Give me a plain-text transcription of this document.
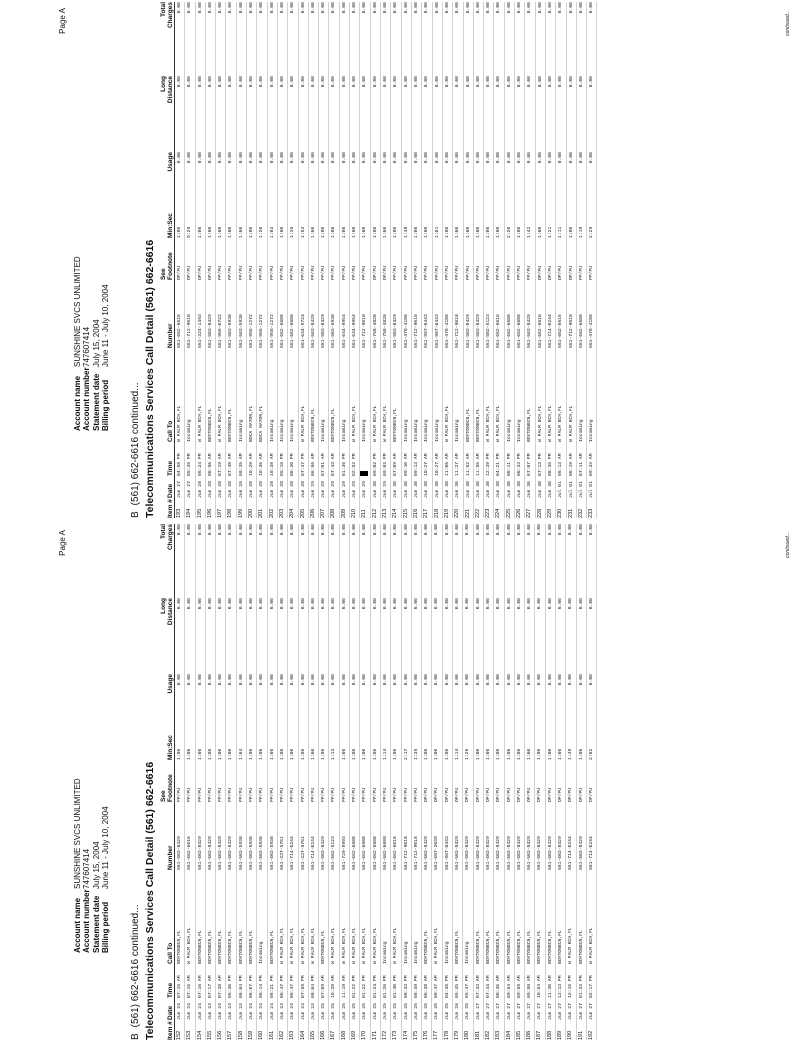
Page A
Account nameSUNSHINE SVCS UNLIMITED
Account number747607414
Statement dateJuly 15, 2004
Billing periodJune 11 - July 10, 2004
B(561) 662-6616 continued... Telecommunications Services Call Detail (561) 662-6616
					See			Long	Total
Item #	Date	Time	Call To	Number	Footnote	Min:Sec	Usage	Distance	Charges
152	Jun 24	07:15 AM	BOYTONBCN,FL	561-503-8429	PP/PU	1:00	0.00	0.00	0.00
153	Jun 24	07:16 AM	W PALM BCH,FL	561-662-6616	PP/PU	1:00	0.00	0.00	0.00
154	Jun 24	07:16 AM	BOYTONBCN,FL	561-503-8429	PP/PU	1:00	0.00	0.00	0.00
155	Jun 24	07:17 AM	BOYTONBCN,FL	561-503-8429	PP/PU	1:00	0.00	0.00	0.00
156	Jun 24	07:38 AM	BOYTONBCN,FL	561-503-8429	PP/PU	1:00	0.00	0.00	0.00
157	Jun 24	05:36 PM	BOYTONBCN,FL	561-503-8429	PP/PU	1:00	0.00	0.00	0.00
158	Jun 24	06:04 PM	BOYTONBCN,FL	561-503-5930	PP/PU	1:04	0.00	0.00	0.00
159	Jun 24	06:07 PM	BOYTONBCN,FL	561-503-5930	PP/PU	1:00	0.00	0.00	0.00
160	Jun 24	06:14 PM	Incoming	561-503-5930	PP/PU	1:00	0.00	0.00	0.00
161	Jun 24	06:21 PM	BOYTONBCN,FL	561-503-5930	PP/PU	1:00	0.00	0.00	0.00
162	Jun 24	06:47 PM	W PALM BCH,FL	561-337-5751	PP/PU	1:00	0.00	0.00	0.00
163	Jun 24	06:47 PM	W PALM BCH,FL	561-714-0244	PP/PU	1:00	0.00	0.00	0.00
164	Jun 24	07:59 PM	W PALM BCH,FL	561-337-5751	PP/PU	1:00	0.00	0.00	0.00
165	Jun 24	08:04 PM	W PALM BCH,FL	561-714-0244	PP/PU	1:00	0.00	0.00	0.00
166	Jun 25	07:09 AM	BOYTONBCN,FL	561-503-8429	PP/PU	1:00	0.00	0.00	0.00
167	Jun 25	10:28 AM	W PALM BCH,FL	561-562-5123	PP/PU	1:13	0.00	0.00	0.00
168	Jun 25	11:19 AM	W PALM BCH,FL	561-729-9993	PP/PU	1:00	0.00	0.00	0.00
169	Jun 25	01:22 PM	W PALM BCH,FL	561-662-6688	PP/PU	1:00	0.00	0.00	0.00
170	Jun 25	01:22 PM	W PALM BCH,FL	561-662-6688	PP/PU	1:00	0.00	0.00	0.00
171	Jun 25	01:24 PM	W PALM BCH,FL	561-662-6688	PP/PU	1:00	0.00	0.00	0.00
172	Jun 25	01:26 PM	Incoming	561-662-6688	PP/PU	1:14	0.00	0.00	0.00
173	Jun 25	01:40 PM	W PALM BCH,FL	561-662-6616	PP/PU	1:00	0.00	0.00	0.00
174	Jun 25	08:43 PM	Incoming	561-712-9018	PP/PU	2:17	0.00	0.00	0.00
175	Jun 25	08:49 PM	Incoming	561-712-9018	PP/PU	1:35	0.00	0.00	0.00
176	Jun 26	06:38 AM	BOYTONBCN,FL	561-503-8429	OP/PU	1:00	0.00	0.00	0.00
177	Jun 26	08:47 AM	W PALM BCH,FL	561-687-2039	OP/PU	1:00	0.00	0.00	0.00
178	Jun 26	04:36 PM	Incoming	561-967-0443	OP/PU	1:00	0.00	0.00	0.00
179	Jun 26	05:45 PM	BOYTONBCN,FL	561-503-8429	OP/PU	1:14	0.00	0.00	0.00
180	Jun 26	05:47 PM	Incoming	561-503-8429	OP/PU	1:26	0.00	0.00	0.00
181	Jun 27	07:43 AM	BOYTONBCN,FL	561-503-8429	OP/PU	1:00	0.00	0.00	0.00
182	Jun 27	07:44 AM	BOYTONBCN,FL	561-503-8429	OP/PU	1:00	0.00	0.00	0.00
183	Jun 27	08:45 AM	BOYTONBCN,FL	561-503-8429	OP/PU	1:00	0.00	0.00	0.00
184	Jun 27	09:54 AM	BOYTONBCN,FL	561-503-8429	OP/PU	1:00	0.00	0.00	0.00
185	Jun 27	09:59 AM	BOYTONBCN,FL	561-503-8429	OP/PU	1:00	0.00	0.00	0.00
186	Jun 27	09:58 AM	BOYTONBCN,FL	561-503-8429	OP/PU	1:00	0.00	0.00	0.00
187	Jun 27	10:54 AM	BOYTONBCN,FL	561-503-8429	OP/PU	1:00	0.00	0.00	0.00
188	Jun 27	11:20 AM	BOYTONBCN,FL	561-503-8429	OP/PU	1:00	0.00	0.00	0.00
189	Jun 27	12:13 PM	BOYTONBCN,FL	561-503-8429	OP/PU	1:00	0.00	0.00	0.00
190	Jun 27	12:15 PM	W PALM BCH,FL	561-714-0244	OP/PU	1:49	0.00	0.00	0.00
191	Jun 27	01:33 PM	BOYTONBCN,FL	561-503-8429	OP/PU	1:00	0.00	0.00	0.00
192	Jun 27	02:17 PM	W PALM BCH,FL	561-714-0244	OP/PU	2:02	0.00	0.00	0.00
continued...
Page A
Account nameSUNSHINE SVCS UNLIMITED
Account number747607414
Statement dateJuly 15, 2004
Billing periodJune 11 - July 10, 2004
B(561) 662-6616 continued... Telecommunications Services Call Detail (561) 662-6616
					See			Long	Total
Item #	Date	Time	Call To	Number	Footnote	Min:Sec	Usage	Distance	Charges
193	Jun 27	04:58 PM	W PALM BCH,FL	561-662-6616	OP/PU	1:00	0.00	0.00	0.00
194	Jun 27	05:35 PM	Incoming	561-712-9018	OP/PU	9:29	0.00	0.00	0.00
195	Jun 28	06:24 PM	W PALM BCH,FL	561-324-1493	OP/PU	1:00	0.00	0.00	0.00
196	Jun 28	06:56 AM	BOYTONBCN,FL	561-503-8429	OP/PU	1:00	0.00	0.00	0.00
197	Jun 28	07:19 AM	W PALM BCH,FL	561-965-0722	PP/PU	1:00	0.00	0.00	0.00
198	Jun 28	07:48 AM	BOYTONBCN,FL	561-503-5930	PP/PU	1:00	0.00	0.00	0.00
199	Jun 28	08:35 AM	Incoming	561-503-5930	PP/PU	1:00	0.00	0.00	0.00
200	Jun 28	10:28 AM	BOCA RATON,FL	561-955-1272	PP/PU	1:00	0.00	0.00	0.00
201	Jun 28	10:36 AM	BOCA RATON,FL	561-955-1272	PP/PU	1:20	0.00	0.00	0.00
202	Jun 28	10:38 AM	Incoming	561-955-1272	PP/PU	1:03	0.00	0.00	0.00
203	Jun 28	05:15 PM	Incoming	561-662-6688	PP/PU	1:00	0.00	0.00	0.00
204	Jun 28	06:20 PM	Incoming	561-662-6688	PP/PU	1:35	0.00	0.00	0.00
205	Jun 28	07:47 PM	W PALM BCH,FL	561-644-9724	PP/PU	1:53	0.00	0.00	0.00
206	Jun 29	06:56 AM	BOYTONBCN,FL	561-503-8429	PP/PU	1:00	0.00	0.00	0.00
207	Jun 29	07:01 AM	Incoming	561-503-8429	PP/PU	1:00	0.00	0.00	0.00
208	Jun 29	07:43 AM	BOYTONBCN,FL	561-503-5930	PP/PU	1:00	0.00	0.00	0.00
209	Jun 29	01:36 PM	Incoming	561-644-9954	PP/PU	1:00	0.00	0.00	0.00
210	Jun 29	02:52 PM	W PALM BCH,FL	561-644-9954	PP/PU	1:00	0.00	0.00	0.00
211	Jun 29		Incoming	561-712-9018	PP/PU	1:00	0.00	0.00	0.00
212	Jun 30	09:02 PM	W PALM BCH,FL	561-758-4820	OP/PU	1:00	0.00	0.00	0.00
213	Jun 29	09:03 PM	W PALM BCH,FL	561-758-4820	OP/PU	1:00	0.00	0.00	0.00
214	Jun 30	07:09 AM	BOYTONBCN,FL	561-503-8429	PP/PU	1:00	0.00	0.00	0.00
215	Jun 30	09:10 AM	Incoming	561-478-4188	PP/PU	1:48	0.00	0.00	0.00
216	Jun 30	09:13 AM	Incoming	561-712-9018	PP/PU	1:00	0.00	0.00	0.00
217	Jun 30	10:27 AM	Incoming	561-967-0443	PP/PU	1:00	0.00	0.00	0.00
218	Jun 30	10:27 AM	Incoming	561-967-0443	PP/PU	1:01	0.00	0.00	0.00
219	Jun 30	11:06 AM	W PALM BCH,FL	561-478-4188	PP/PU	1:00	0.00	0.00	0.00
220	Jun 30	11:27 AM	Incoming	561-712-9018	PP/PU	1:00	0.00	0.00	0.00
221	Jun 30	11:52 AM	BOYTONBCN,FL	561-503-8429	PP/PU	1:00	0.00	0.00	0.00
222	Jun 30	11:55 AM	BOYTONBCN,FL	561-503-8429	PP/PU	1:00	0.00	0.00	0.00
223	Jun 30	12:39 PM	W PALM BCH,FL	561-502-5123	PP/PU	1:00	0.00	0.00	0.00
224	Jun 30	04:21 PM	W PALM BCH,FL	561-662-6616	PP/PU	1:00	0.00	0.00	0.00
225	Jun 30	06:11 PM	Incoming	561-662-6688	PP/PU	2:20	0.00	0.00	0.00
226	Jun 30	06:33 PM	Incoming	561-662-6688	PP/PU	1:00	0.00	0.00	0.00
227	Jun 30	07:07 PM	BOYTONBCN,FL	561-503-8429	PP/PU	1:42	0.00	0.00	0.00
228	Jun 30	07:13 PM	W PALM BCH,FL	561-662-6616	OP/PU	1:00	0.00	0.00	0.00
229	Jun 30	08:35 PM	W PALM BCH,FL	561-714-0244	OP/PU	1:21	0.00	0.00	0.00
230	Jul 01	06:13 AM	W PALM BCH,FL	561-662-6616	OP/PU	1:11	0.00	0.00	0.00
231	Jul 01	06:19 AM	W PALM BCH,FL	561-712-9018	OP/PU	1:00	0.00	0.00	0.00
232	Jul 01	07:11 AM	Incoming	561-662-6688	PP/PU	1:19	0.00	0.00	0.00
233	Jul 01	09:33 AM	Incoming	561-478-4188	PP/PU	2:29	0.00	0.00	0.00
continued...
